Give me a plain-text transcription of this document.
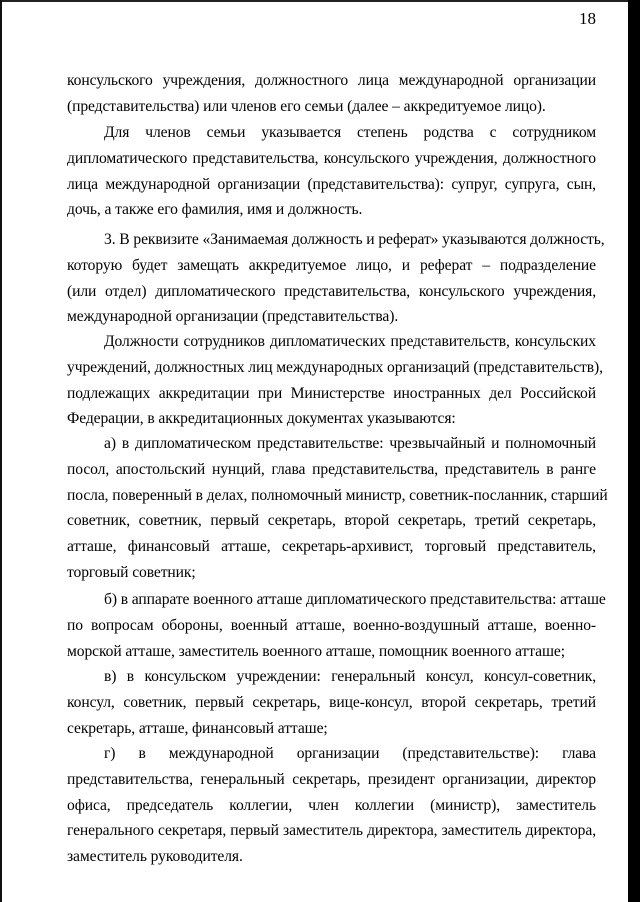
18
консульского учреждения, должностного лица международной организации
(представительства) или членов его семьи (далее – аккредитуемое лицо).
Для членов семьи указывается степень родства с сотрудником
дипломатического представительства, консульского учреждения, должностного
лица международной организации (представительства): супруг, супруга, сын,
дочь, а также его фамилия, имя и должность.
3. В реквизите «Занимаемая должность и реферат» указываются должность,
которую будет замещать аккредитуемое лицо, и реферат – подразделение
(или отдел) дипломатического представительства, консульского учреждения,
международной организации (представительства).
Должности сотрудников дипломатических представительств, консульских
учреждений, должностных лиц международных организаций (представительств),
подлежащих аккредитации при Министерстве иностранных дел Российской
Федерации, в аккредитационных документах указываются:
а) в дипломатическом представительстве: чрезвычайный и полномочный
посол, апостольский нунций, глава представительства, представитель в ранге
посла, поверенный в делах, полномочный министр, советник-посланник, старший
советник, советник, первый секретарь, второй секретарь, третий секретарь,
атташе, финансовый атташе, секретарь-архивист, торговый представитель,
торговый советник;
б) в аппарате военного атташе дипломатического представительства: атташе
по вопросам обороны, военный атташе, военно-воздушный атташе, военно-
морской атташе, заместитель военного атташе, помощник военного атташе;
в) в консульском учреждении: генеральный консул, консул-советник,
консул, советник, первый секретарь, вице-консул, второй секретарь, третий
секретарь, атташе, финансовый атташе;
г) в международной организации (представительстве): глава
представительства, генеральный секретарь, президент организации, директор
офиса, председатель коллегии, член коллегии (министр), заместитель
генерального секретаря, первый заместитель директора, заместитель директора,
заместитель руководителя.
